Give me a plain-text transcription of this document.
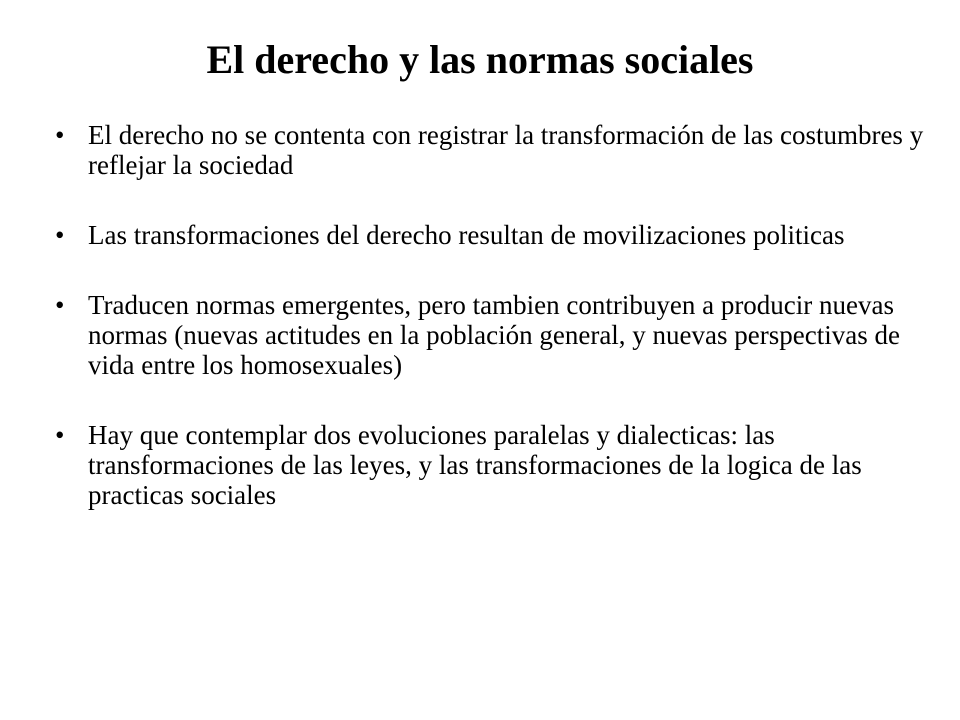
El derecho y las normas sociales
• El derecho no se contenta con registrar la transformación de las costumbres y reflejar la sociedad
• Las transformaciones del derecho resultan de movilizaciones politicas
• Traducen normas emergentes, pero tambien contribuyen a producir nuevas normas (nuevas actitudes en la población general, y nuevas perspectivas de vida entre los homosexuales)
• Hay que contemplar dos evoluciones paralelas y dialecticas: las transformaciones de las leyes, y las transformaciones de la logica de las practicas sociales
